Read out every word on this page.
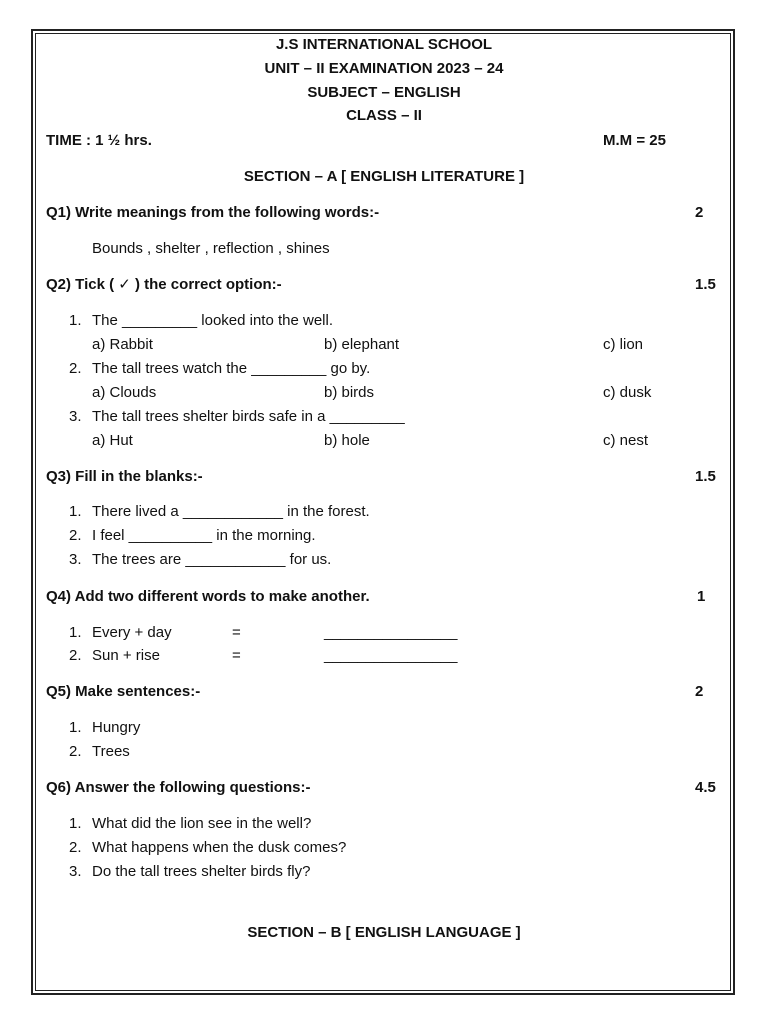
J.S INTERNATIONAL SCHOOL
UNIT – II EXAMINATION 2023 – 24
SUBJECT – ENGLISH
CLASS – II
TIME : 1 ½ hrs.	M.M = 25
SECTION – A [ ENGLISH LITERATURE ]
Q1) Write meanings from the following words:-	2
Bounds , shelter , reflection , shines
Q2) Tick ( ✓ ) the correct option:-	1.5
1. The _________ looked into the well.
a) Rabbit	b) elephant	c) lion
2. The tall trees watch the _________ go by.
a) Clouds	b) birds	c) dusk
3. The tall trees shelter birds safe in a _________
a) Hut	b) hole	c) nest
Q3) Fill in the blanks:-	1.5
1. There lived a ____________ in the forest.
2. I feel __________ in the morning.
3. The trees are ____________ for us.
Q4) Add two different words to make another.	1
1. Every + day	=	________________
2. Sun + rise	=	________________
Q5) Make sentences:-	2
1. Hungry
2. Trees
Q6) Answer the following questions:-	4.5
1. What did the lion see in the well?
2. What happens when the dusk comes?
3. Do the tall trees shelter birds fly?
SECTION – B [ ENGLISH LANGUAGE ]
